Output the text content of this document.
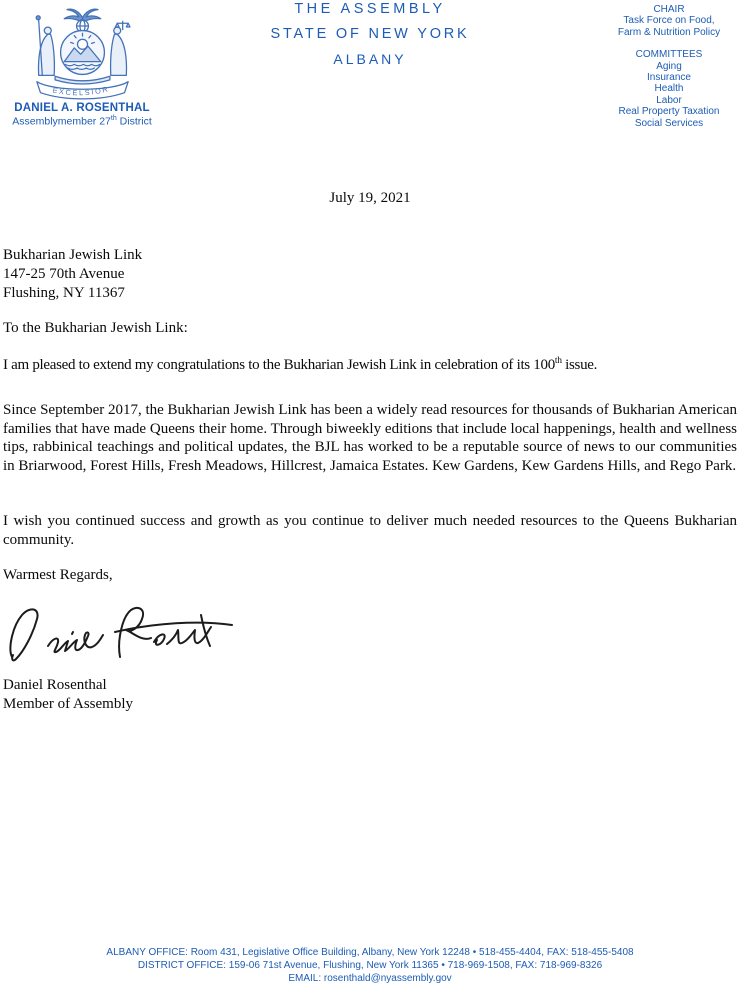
EXCELSIOR
DANIEL A. ROSENTHAL
Assemblymember 27th District
THE ASSEMBLY
STATE OF NEW YORK
ALBANY
CHAIR
Task Force on Food,
Farm & Nutrition Policy
COMMITTEES
Aging
Insurance
Health
Labor
Real Property Taxation
Social Services
July 19, 2021
Bukharian Jewish Link
147-25 70th Avenue
Flushing, NY 11367
To the Bukharian Jewish Link:
I am pleased to extend my congratulations to the Bukharian Jewish Link in celebration of its 100th issue.
Since September 2017, the Bukharian Jewish Link has been a widely read resources for thousands of Bukharian American families that have made Queens their home. Through biweekly editions that include local happenings, health and wellness tips, rabbinical teachings and political updates, the BJL has worked to be a reputable source of news to our communities in Briarwood, Forest Hills, Fresh Meadows, Hillcrest, Jamaica Estates. Kew Gardens, Kew Gardens Hills, and Rego Park.
I wish you continued success and growth as you continue to deliver much needed resources to the Queens Bukharian community.
Warmest Regards,
Daniel Rosenthal
Member of Assembly
ALBANY OFFICE: Room 431, Legislative Office Building, Albany, New York 12248 • 518-455-4404, FAX: 518-455-5408
DISTRICT OFFICE: 159-06 71st Avenue, Flushing, New York 11365 • 718-969-1508, FAX: 718-969-8326
EMAIL: rosenthald@nyassembly.gov
